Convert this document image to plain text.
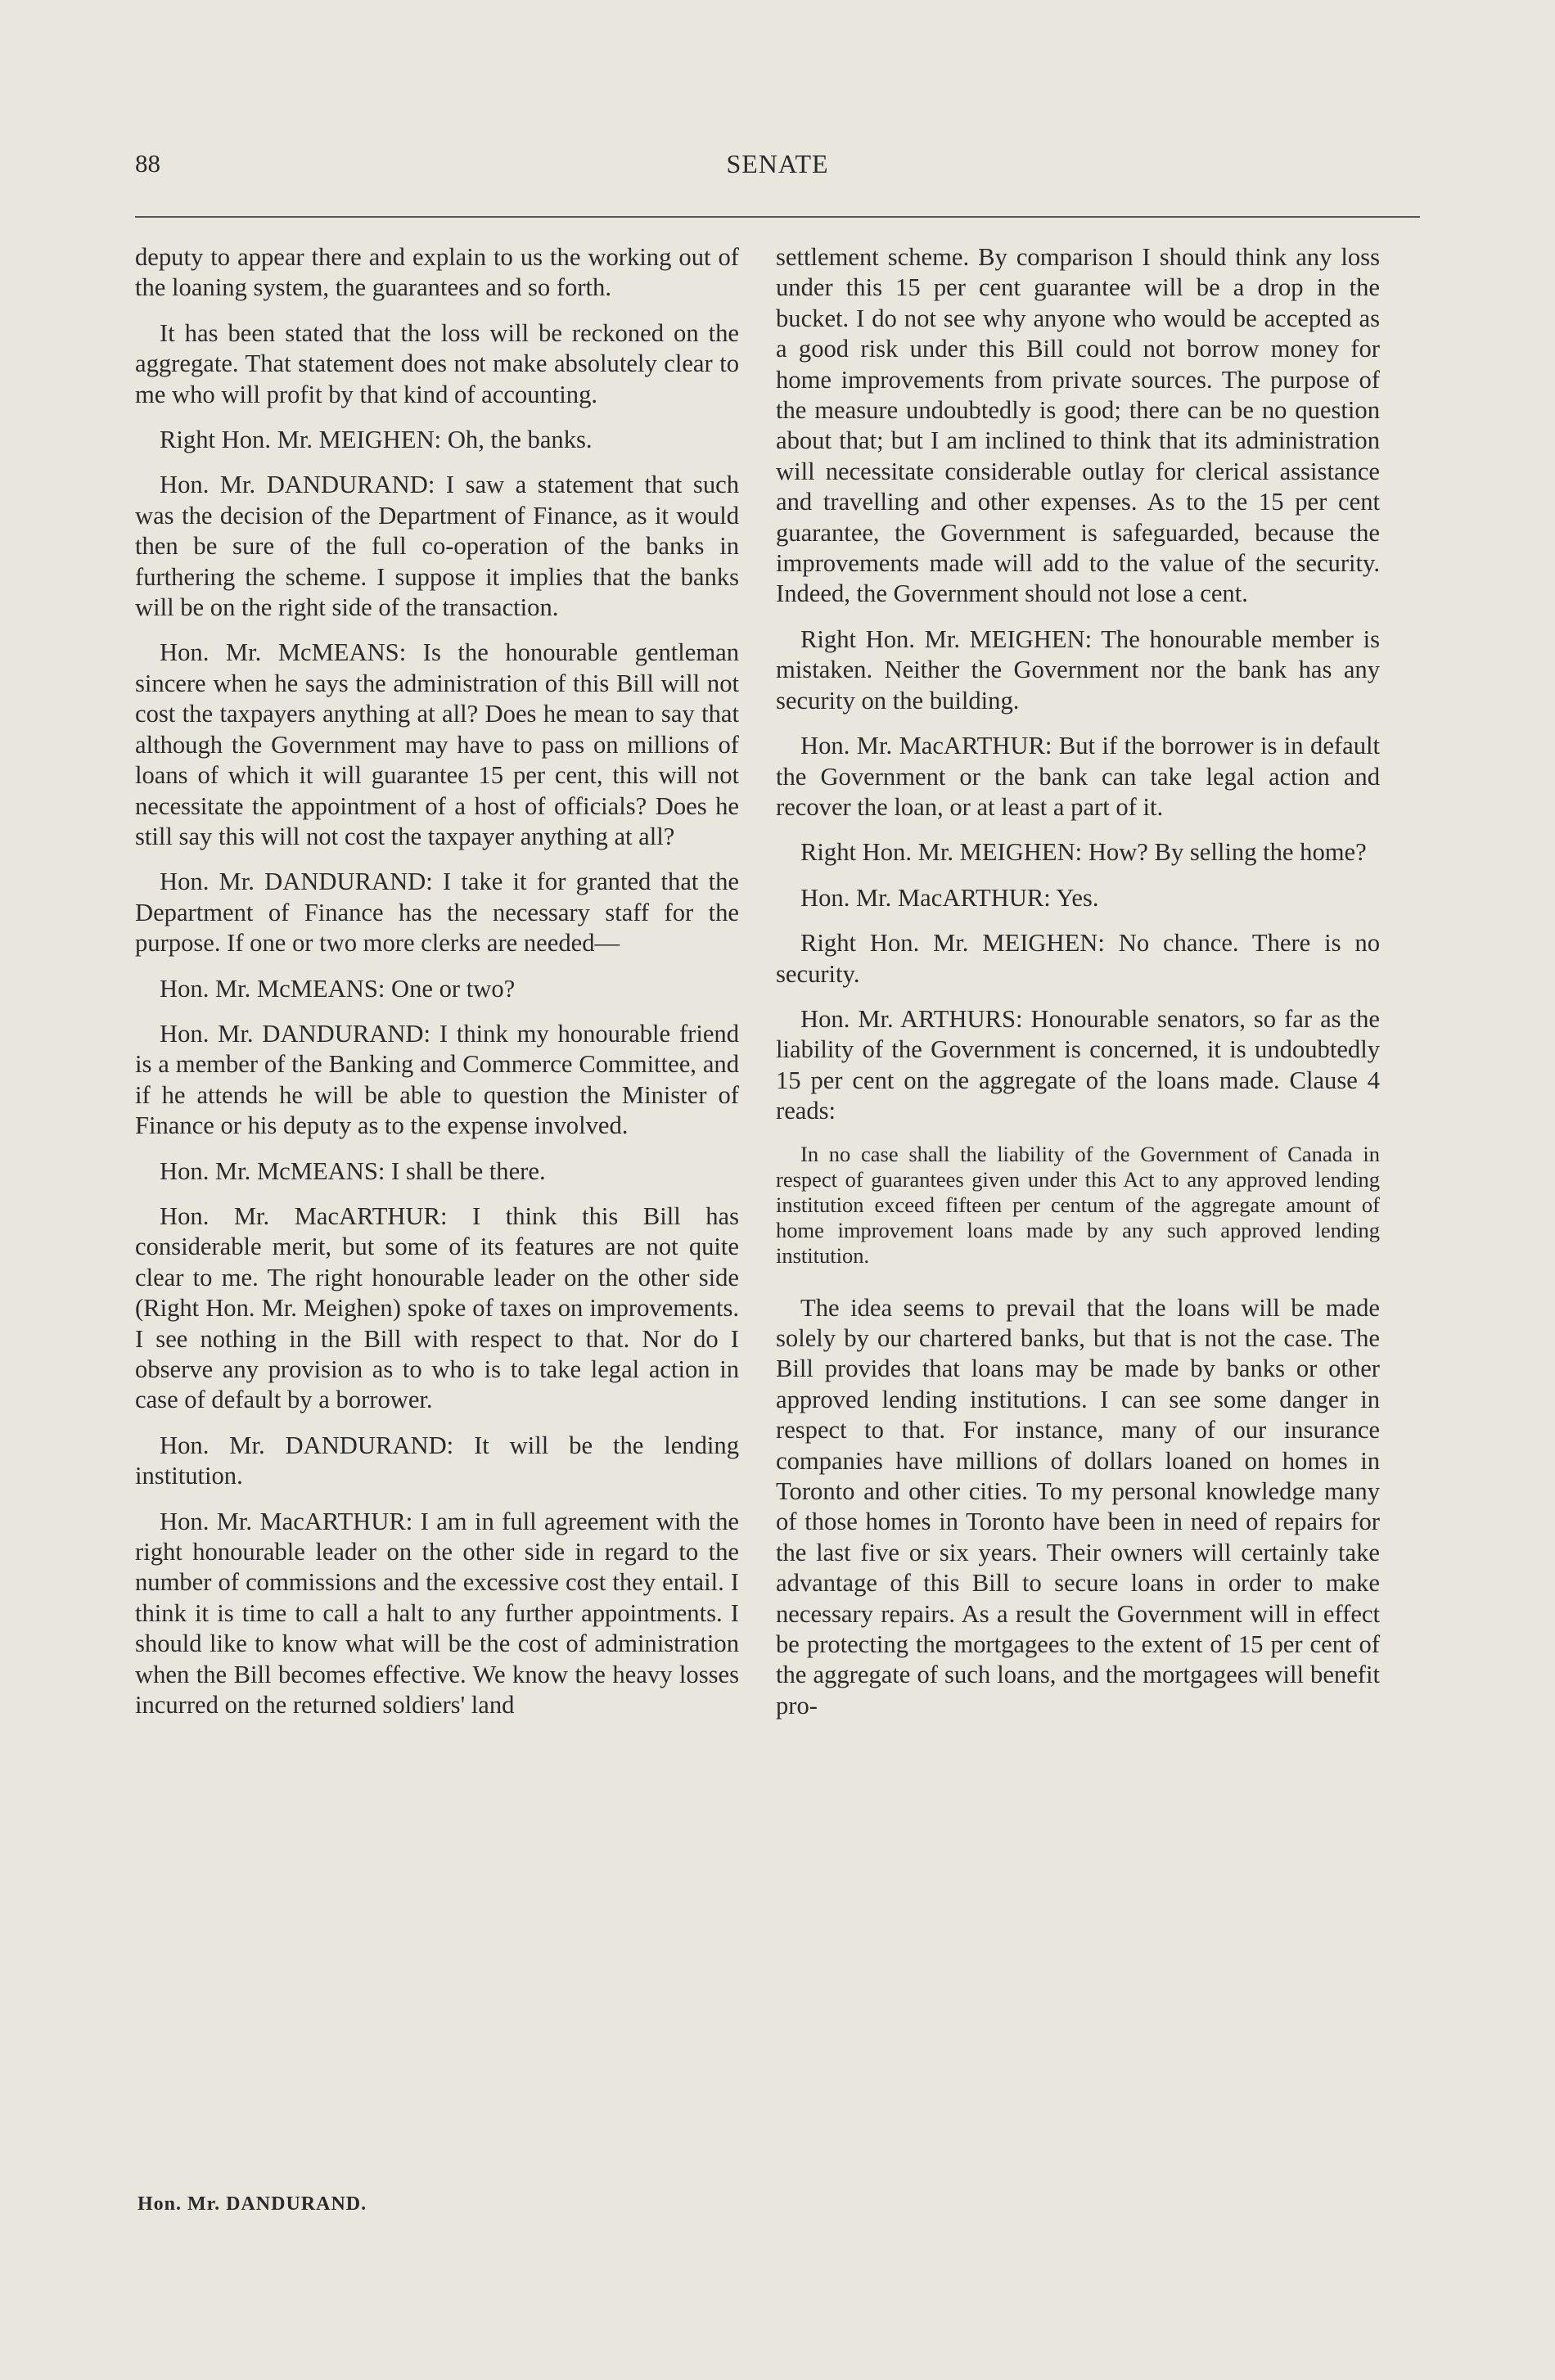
88	SENATE

deputy to appear there and explain to us the working out of the loaning system, the guarantees and so forth.

It has been stated that the loss will be reckoned on the aggregate. That statement does not make absolutely clear to me who will profit by that kind of accounting.

Right Hon. Mr. MEIGHEN: Oh, the banks.

Hon. Mr. DANDURAND: I saw a statement that such was the decision of the Department of Finance, as it would then be sure of the full co-operation of the banks in furthering the scheme. I suppose it implies that the banks will be on the right side of the transaction.

Hon. Mr. McMEANS: Is the honourable gentleman sincere when he says the administration of this Bill will not cost the taxpayers anything at all? Does he mean to say that although the Government may have to pass on millions of loans of which it will guarantee 15 per cent, this will not necessitate the appointment of a host of officials? Does he still say this will not cost the taxpayer anything at all?

Hon. Mr. DANDURAND: I take it for granted that the Department of Finance has the necessary staff for the purpose. If one or two more clerks are needed—

Hon. Mr. McMEANS: One or two?

Hon. Mr. DANDURAND: I think my honourable friend is a member of the Banking and Commerce Committee, and if he attends he will be able to question the Minister of Finance or his deputy as to the expense involved.

Hon. Mr. McMEANS: I shall be there.

Hon. Mr. MacARTHUR: I think this Bill has considerable merit, but some of its features are not quite clear to me. The right honourable leader on the other side (Right Hon. Mr. Meighen) spoke of taxes on improvements. I see nothing in the Bill with respect to that. Nor do I observe any provision as to who is to take legal action in case of default by a borrower.

Hon. Mr. DANDURAND: It will be the lending institution.

Hon. Mr. MacARTHUR: I am in full agreement with the right honourable leader on the other side in regard to the number of commissions and the excessive cost they entail. I think it is time to call a halt to any further appointments. I should like to know what will be the cost of administration when the Bill becomes effective. We know the heavy losses incurred on the returned soldiers' land

settlement scheme. By comparison I should think any loss under this 15 per cent guarantee will be a drop in the bucket. I do not see why anyone who would be accepted as a good risk under this Bill could not borrow money for home improvements from private sources. The purpose of the measure undoubtedly is good; there can be no question about that; but I am inclined to think that its administration will necessitate considerable outlay for clerical assistance and travelling and other expenses. As to the 15 per cent guarantee, the Government is safeguarded, because the improvements made will add to the value of the security. Indeed, the Government should not lose a cent.

Right Hon. Mr. MEIGHEN: The honourable member is mistaken. Neither the Government nor the bank has any security on the building.

Hon. Mr. MacARTHUR: But if the borrower is in default the Government or the bank can take legal action and recover the loan, or at least a part of it.

Right Hon. Mr. MEIGHEN: How? By selling the home?

Hon. Mr. MacARTHUR: Yes.

Right Hon. Mr. MEIGHEN: No chance. There is no security.

Hon. Mr. ARTHURS: Honourable senators, so far as the liability of the Government is concerned, it is undoubtedly 15 per cent on the aggregate of the loans made. Clause 4 reads:

In no case shall the liability of the Government of Canada in respect of guarantees given under this Act to any approved lending institution exceed fifteen per centum of the aggregate amount of home improvement loans made by any such approved lending institution.

The idea seems to prevail that the loans will be made solely by our chartered banks, but that is not the case. The Bill provides that loans may be made by banks or other approved lending institutions. I can see some danger in respect to that. For instance, many of our insurance companies have millions of dollars loaned on homes in Toronto and other cities. To my personal knowledge many of those homes in Toronto have been in need of repairs for the last five or six years. Their owners will certainly take advantage of this Bill to secure loans in order to make necessary repairs. As a result the Government will in effect be protecting the mortgagees to the extent of 15 per cent of the aggregate of such loans, and the mortgagees will benefit pro-

Hon. Mr. DANDURAND.
